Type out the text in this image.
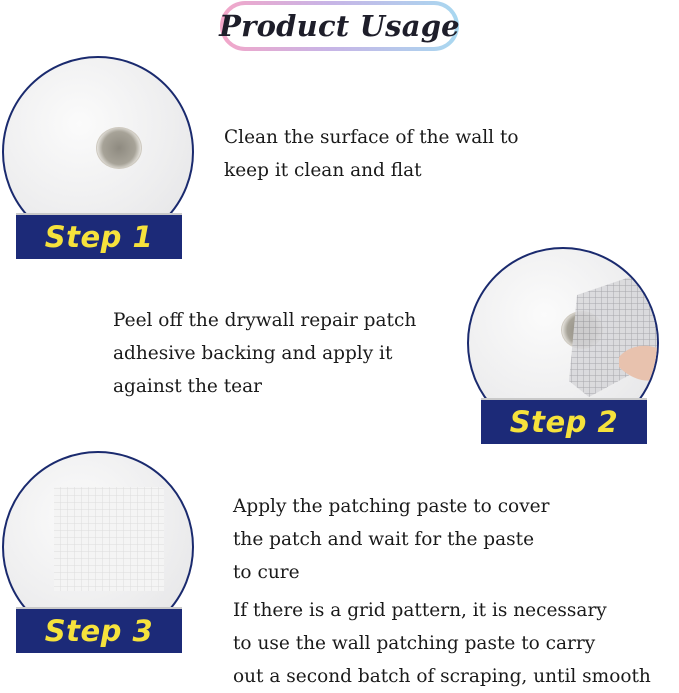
Product Usage
Step 1
Clean the surface of the wall to
keep it clean and flat
Step 2
Peel off the drywall repair patch
adhesive backing and apply it
against the tear
Step 3
Apply the patching paste to cover
the patch and wait for the paste
to cure
If there is a grid pattern, it is necessary
to use the wall patching paste to carry
out a second batch of scraping, until smooth
